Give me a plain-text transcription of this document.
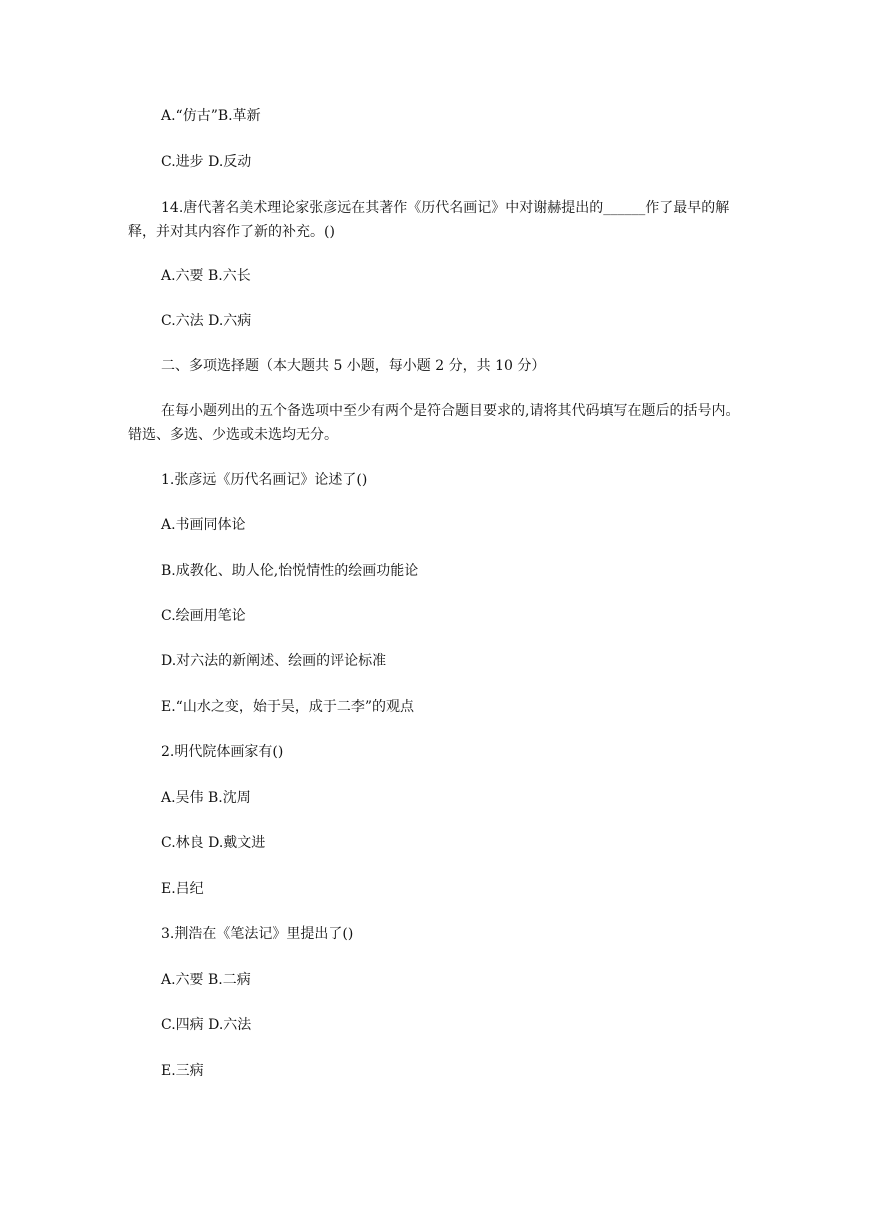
A.“仿古”B.革新
C.进步 D.反动
14.唐代著名美术理论家张彦远在其著作《历代名画记》中对谢赫提出的______作了最早的解释，并对其内容作了新的补充。()
A.六要 B.六长
C.六法 D.六病
二、多项选择题（本大题共 5 小题，每小题 2 分，共 10 分）
在每小题列出的五个备选项中至少有两个是符合题目要求的,请将其代码填写在题后的括号内。错选、多选、少选或未选均无分。
1.张彦远《历代名画记》论述了()
A.书画同体论
B.成教化、助人伦,怡悦情性的绘画功能论
C.绘画用笔论
D.对六法的新阐述、绘画的评论标准
E.“山水之变，始于吴，成于二李”的观点
2.明代院体画家有()
A.吴伟 B.沈周
C.林良 D.戴文进
E.吕纪
3.荆浩在《笔法记》里提出了()
A.六要 B.二病
C.四病 D.六法
E.三病
